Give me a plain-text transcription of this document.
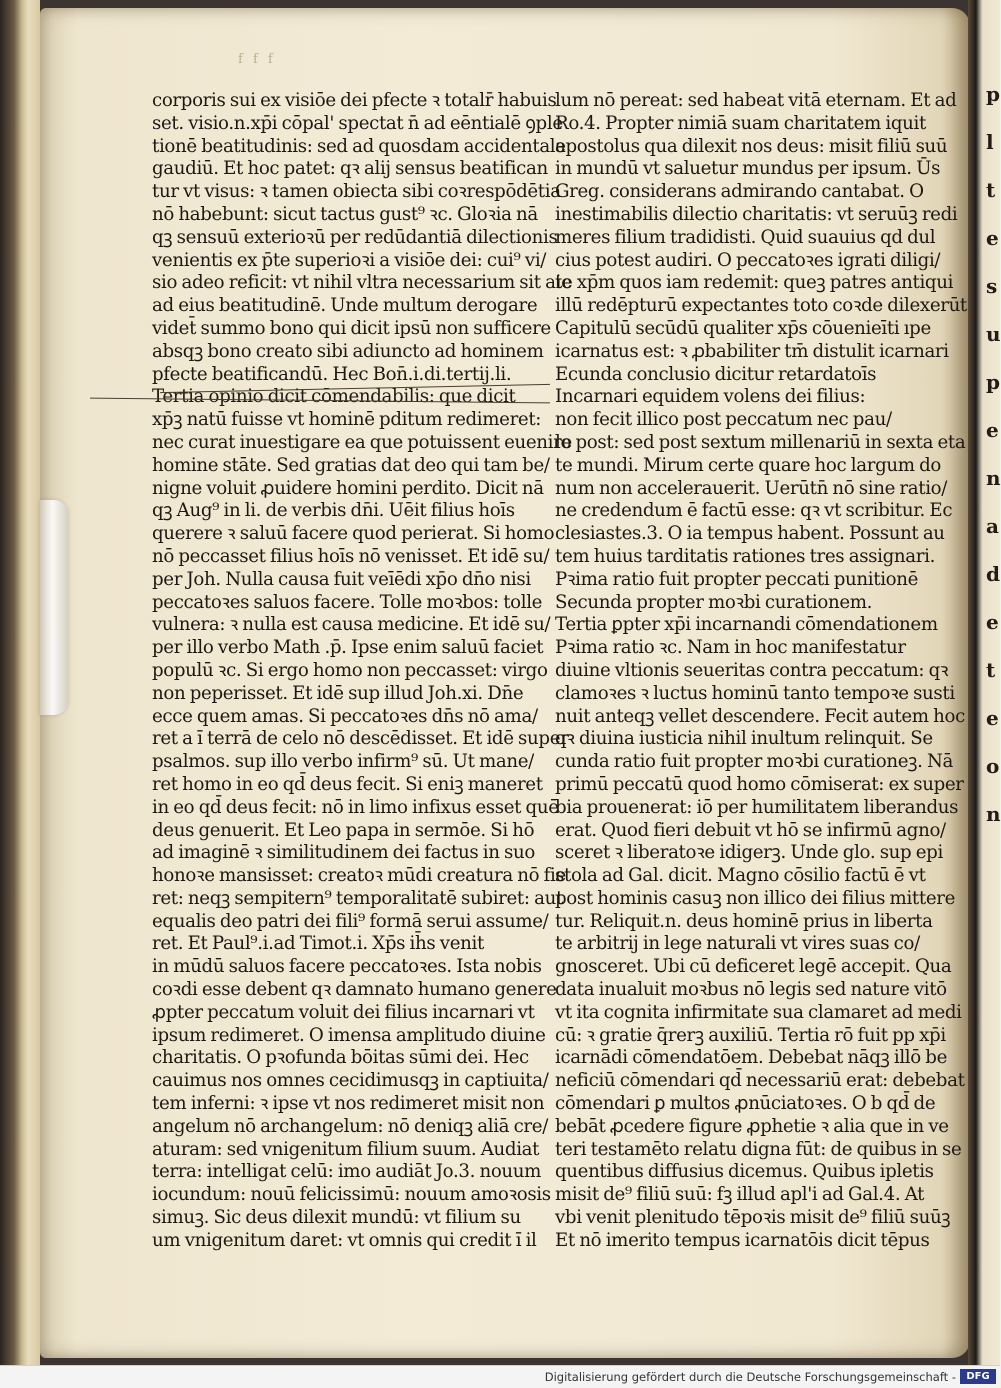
p
l
t
e
s
u
p
e
n
a
d
e
t
e
o
n
f f f
corporis sui ex visiōe dei pfecte ꝛ totalr̄ habuis
set. visio.n.xp̄i cōpal' spectat n̄ ad eēntialē ꝯple
tionē beatitudinis: sed ad quosdam accidentale
gaudiū. Et hoc patet: qꝛ alij sensus beatifican
tur vt visus: ꝛ tamen obiecta sibi coꝛrespōdētia
nō habebunt: sicut tactus gust⁹ ꝛc. Gloꝛia nā
qꝫ sensuū exterioꝛū per redūdantiā dilectionis
venientis ex p̄te superioꝛi a visiōe dei: cui⁹ vi/
sio adeo reficit: vt nihil vltra necessarium sit aie
ad eius beatitudinē. Unde multum derogare
videt̄ summo bono qui dicit ipsū non sufficere
absqꝫ bono creato sibi adiuncto ad hominem
pfecte beatificandū. Hec Bon̄.i.di.tertij.li.
Tertia opinio dicit cōmendabilis: que dicit
xp̄ꝫ natū fuisse vt hominē pditum redimeret:
nec curat inuestigare ea que potuissent euenire
homine stāte. Sed gratias dat deo qui tam be/
nigne voluit ꝓuidere homini perdito. Dicit nā
qꝫ Aug⁹ in li. de verbis dn̄i. Uēit filius hoīs
querere ꝛ saluū facere quod perierat. Si homo
nō peccasset filius hoīs nō venisset. Et idē su/
per Joh. Nulla causa fuit veīēdi xp̄o dn̄o nisi
peccatoꝛes saluos facere. Tolle moꝛbos: tolle
vulnera: ꝛ nulla est causa medicine. Et idē su/
per illo verbo Math .p̄. Ipse enim saluū faciet
populū ꝛc. Si ergo homo non peccasset: virgo
non peperisset. Et idē sup illud Joh.xi. Dn̄e
ecce quem amas. Si peccatoꝛes dn̄s nō ama/
ret a ı̄ terrā de celo nō descēdisset. Et idē super
psalmos. sup illo verbo infirm⁹ sū. Ut mane/
ret homo in eo qd̄ deus fecit. Si eniꝫ maneret
in eo qd̄ deus fecit: nō in limo infixus esset quē
deus genuerit. Et Leo papa in sermōe. Si hō
ad imaginē ꝛ similitudinem dei factus in suo
honoꝛe mansisset: creatoꝛ mūdi creatura nō fie
ret: neqꝫ sempitern⁹ temporalitatē subiret: aut
equalis deo patri dei fili⁹ formā serui assume/
ret. Et Paul⁹.i.ad Timot.i. Xp̄s ih̄s venit
in mūdū saluos facere peccatoꝛes. Ista nobis
coꝛdi esse debent qꝛ damnato humano genere
ꝓpter peccatum voluit dei filius incarnari vt
ipsum redimeret. O imensa amplitudo diuine
charitatis. O pꝛofunda bōitas sūmi dei. Hec
cauimus nos omnes cecidimusqꝫ in captiuita/
tem inferni: ꝛ ipse vt nos redimeret misit non
angelum nō archangelum: nō deniqꝫ aliā cre/
aturam: sed vnigenitum filium suum. Audiat
terra: intelligat celū: imo audiāt Jo.3. nouum
iocundum: nouū felicissimū: nouum amoꝛosis
simuꝫ. Sic deus dilexit mundū: vt filium su
um vnigenitum daret: vt omnis qui credit ı̄ il
lum nō pereat: sed habeat vitā eternam. Et ad
Ro.4. Propter nimiā suam charitatem iquit
apostolus qua dilexit nos deus: misit filiū suū
in mundū vt saluetur mundus per ipsum. Ūs
Greg. considerans admirando cantabat. O
inestimabilis dilectio charitatis: vt seruūꝫ redi
meres filium tradidisti. Quid suauius qd dul
cius potest audiri. O peccatoꝛes igrati diligi/
te xp̄m quos iam redemit: queꝫ patres antiqui
illū redēpturū expectantes toto coꝛde dilexerūt
Capitulū secūdū qualiter xp̄s cōuenieīti ıpe
icarnatus est: ꝛ ꝓbabiliter tm̄ distulit icarnari
Ecunda conclusio dicitur retardatoīs
Incarnari equidem volens dei filius:
non fecit illico post peccatum nec pau/
lo post: sed post sextum millenariū in sexta eta
te mundi. Mirum certe quare hoc largum do
num non accelerauerit. Uerūtn̄ nō sine ratio/
ne credendum ē factū esse: qꝛ vt scribitur. Ec
clesiastes.3. O ia tempus habent. Possunt au
tem huius tarditatis rationes tres assignari.
Pꝛima ratio fuit propter peccati punitionē
Secunda propter moꝛbi curationem.
Tertia ꝑpter xp̄i incarnandi cōmendationem
Pꝛima ratio ꝛc. Nam in hoc manifestatur
diuine vltionis seueritas contra peccatum: qꝛ
clamoꝛes ꝛ luctus hominū tanto tempoꝛe susti
nuit anteqꝫ vellet descendere. Fecit autem hoc
qꝛ diuina iusticia nihil inultum relinquit. Se
cunda ratio fuit propter moꝛbi curationeꝫ. Nā
primū peccatū quod homo cōmiserat: ex super
bia prouenerat: iō per humilitatem liberandus
erat. Quod fieri debuit vt hō se infirmū agno/
sceret ꝛ liberatoꝛe idigerꝫ. Unde glo. sup epi
stola ad Gal. dicit. Magno cōsilio factū ē vt
post hominis casuꝫ non illico dei filius mittere
tur. Reliquit.n. deus hominē prius in liberta
te arbitrij in lege naturali vt vires suas co/
gnosceret. Ubi cū deficeret legē accepit. Qua
data inualuit moꝛbus nō legis sed nature vitō
vt ita cognita infirmitate sua clamaret ad medi
cū: ꝛ gratie q̄rerꝫ auxiliū. Tertia rō fuit pp xp̄i
icarnādi cōmendatōem. Debebat nāqꝫ illō be
neficiū cōmendari qd̄ necessariū erat: debebat
cōmendari ꝑ multos ꝓnūciatoꝛes. O b qd̄ de
bebāt ꝓcedere figure ꝓphetie ꝛ alia que in ve
teri testamēto relatu digna fūt: de quibus in se
quentibus diffusius dicemus. Quibus ipletis
misit de⁹ filiū suū: fꝫ illud apl'i ad Gal.4. At
vbi venit plenitudo tēpoꝛis misit de⁹ filiū suūꝫ
Et nō imerito tempus icarnatōis dicit tēpus
Digitalisierung gefördert durch die Deutsche Forschungsgemeinschaft -	DFG
